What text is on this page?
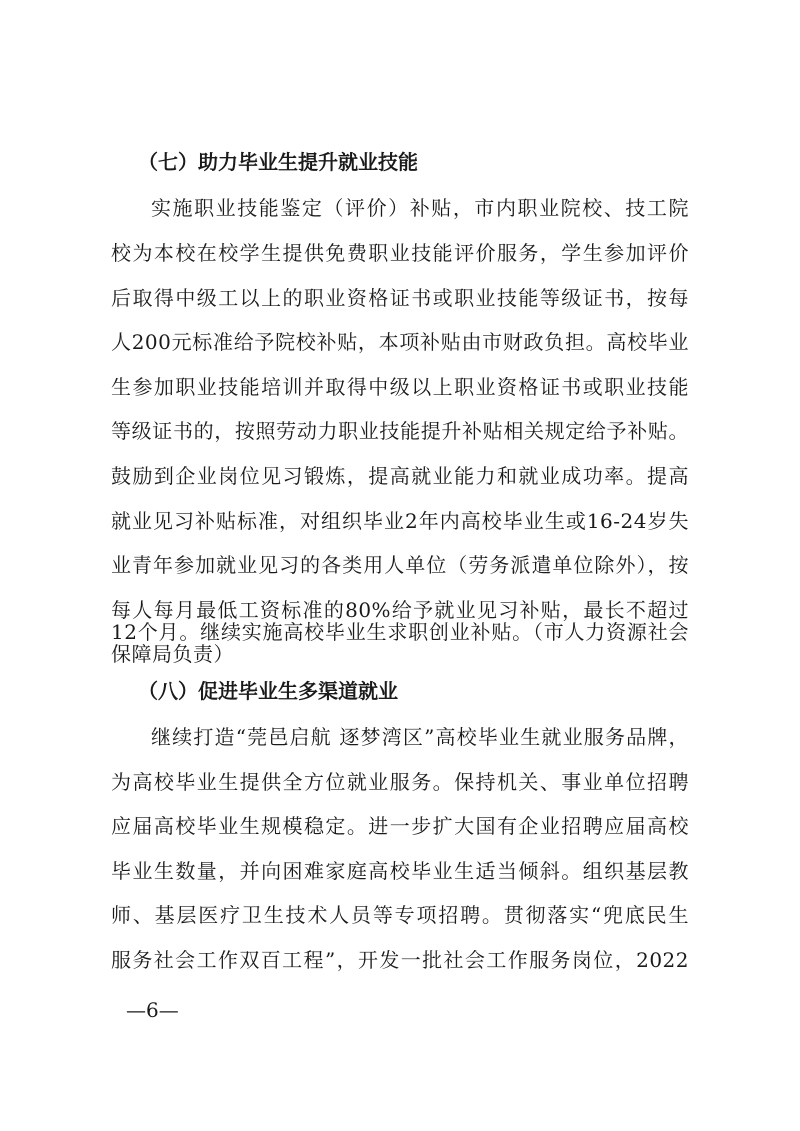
（七）助力毕业生提升就业技能
实施职业技能鉴定（评价）补贴，市内职业院校、技工院
校为本校在校学生提供免费职业技能评价服务，学生参加评价
后取得中级工以上的职业资格证书或职业技能等级证书，按每
人200元标准给予院校补贴，本项补贴由市财政负担。高校毕业
生参加职业技能培训并取得中级以上职业资格证书或职业技能
等级证书的，按照劳动力职业技能提升补贴相关规定给予补贴。
鼓励到企业岗位见习锻炼，提高就业能力和就业成功率。提高
就业见习补贴标准，对组织毕业2年内高校毕业生或16-24岁失
业青年参加就业见习的各类用人单位（劳务派遣单位除外），按
每人每月最低工资标准的80%给予就业见习补贴，最长不超过
12个月。继续实施高校毕业生求职创业补贴。（市人力资源社会
保障局负责）
（八）促进毕业生多渠道就业
继续打造“莞邑启航 逐梦湾区”高校毕业生就业服务品牌，
为高校毕业生提供全方位就业服务。保持机关、事业单位招聘
应届高校毕业生规模稳定。进一步扩大国有企业招聘应届高校
毕业生数量，并向困难家庭高校毕业生适当倾斜。组织基层教
师、基层医疗卫生技术人员等专项招聘。贯彻落实“兜底民生
服务社会工作双百工程”，开发一批社会工作服务岗位，2022
—6—
